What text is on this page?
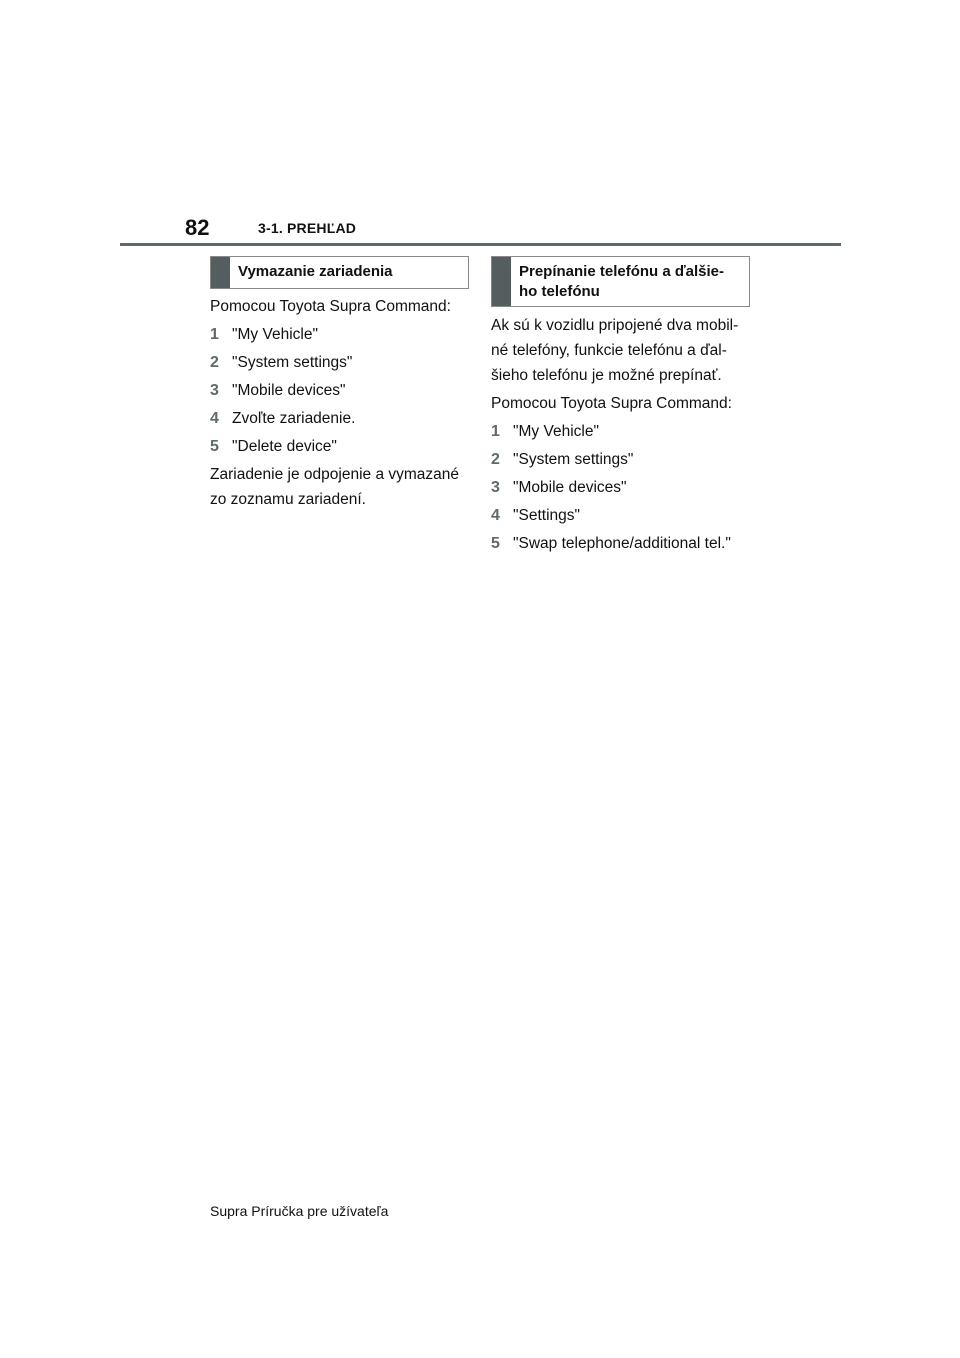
82	3-1. PREHĽAD
Vymazanie zariadenia

Pomocou Toyota Supra Command:

1 "My Vehicle"
2 "System settings"
3 "Mobile devices"
4 Zvoľte zariadenie.
5 "Delete device"

Zariadenie je odpojenie a vymazané

zo zoznamu zariadení.

Prepínanie telefónu a ďalšie-
ho telefónu

Ak sú k vozidlu pripojené dva mobil-

né telefóny, funkcie telefónu a ďal-

šieho telefónu je možné prepínať.

Pomocou Toyota Supra Command:

1 "My Vehicle"
2 "System settings"
3 "Mobile devices"
4 "Settings"
5 "Swap telephone/additional tel."
Supra Príručka pre užívateľa
